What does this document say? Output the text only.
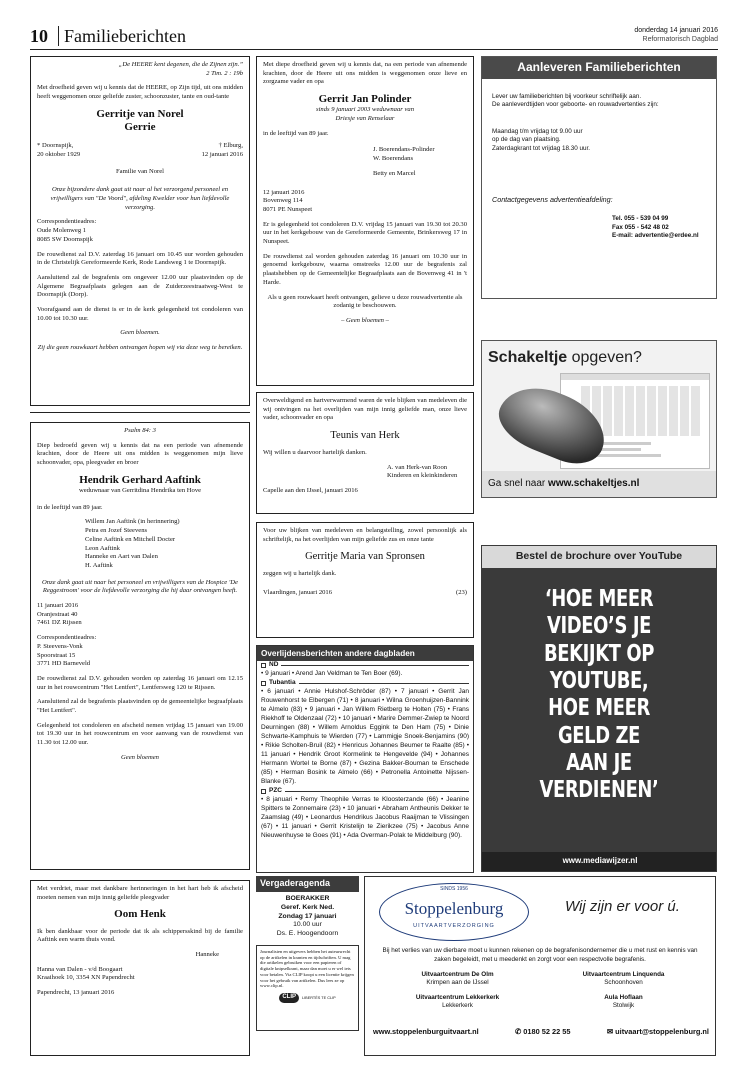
10 Familieberichten	donderdag 14 januari 2016
Reformatorisch Dagblad
„De HEERE kent degenen, die de Zijnen zijn.”
2 Tim. 2 : 19b

Met droefheid geven wij u kennis dat de HEERE, op Zijn tijd, uit ons midden heeft weggenomen onze geliefde zuster, schoonzuster, tante en oud-tante

Gerritje van Norel
Gerrie
* Doornspijk,
20 oktober 1929
† Elburg,
12 januari 2016

Familie van Norel

Onze bijzondere dank gaat uit naar al het verzorgend personeel en vrijwilligers van "De Voord", afdeling Kwelder voor hun liefdevolle verzorging.

Correspondentieadres:
Oude Molenweg 1

8085 SW Doornspijk

De rouwdienst zal D.V. zaterdag 16 januari om 10.45 uur worden gehouden in de Christelijk Gereformeerde Kerk, Rode Landsweg 1 te Doornspijk.

Aansluitend zal de begrafenis om ongeveer 12.00 uur plaatsvinden op de Algemene Begraafplaats gelegen aan de Zuiderzeestraatweg-West te Doornspijk (Dorp).

Voorafgaand aan de dienst is er in de kerk gelegenheid tot condoleren van 10.00 tot 10.30 uur.

Geen bloemen.

Zij die geen rouwkaart hebben ontvangen hopen wij via deze weg te bereiken.

Met diepe droefheid geven wij u kennis dat, na een periode van afnemende krachten, door de Heere uit ons midden is weggenomen onze lieve en zorgzame vader en opa

Gerrit Jan Polinder
sinds 9 januari 2003 weduwnaar van
Driesje van Renselaar

in de leeftijd van 89 jaar.

J. Boerendans-Polinder
W. Boerendans
Betty en Marcel
12 januari 2016
Bovenweg 114

8071 PE Nunspeet

Er is gelegenheid tot condoleren D.V. vrijdag 15 januari van 19.30 tot 20.30 uur in het kerkgebouw van de Gereformeerde Gemeente, Brinkersweg 17 in Nunspeet.

De rouwdienst zal worden gehouden zaterdag 16 januari om 10.30 uur in genoemd kerkgebouw, waarna omstreeks 12.00 uur de begrafenis zal plaatshebben op de Gemeentelijke Begraafplaats aan de Bovenweg 41 in 't Harde.

Als u geen rouwkaart heeft ontvangen, gelieve u deze rouwadvertentie als zodanig te beschouwen.

– Geen bloemen –

Psalm 84: 3

Diep bedroefd geven wij u kennis dat na een periode van afnemende krachten, door de Heere uit ons midden is weggenomen mijn lieve schoonvader, opa, pleegvader en broer

Hendrik Gerhard Aaftink
weduwnaar van Gerritdina Hendrika ten Hove

in de leeftijd van 89 jaar.

Willem Jan Aaftink (in herinnering)
Petra en Jozef Steevens
Celine Aaftink en Mitchell Docter
Leon Aaftink
Hanneke en Aart van Dalen
H. Aaftink

Onze dank gaat uit naar het personeel en vrijwilligers van de Hospice 'De Reggestroom' voor de liefdevolle verzorging die hij daar ontvangen heeft.

11 januari 2016
Oranjestraat 40

7461 DZ Rijssen

Correspondentieadres:
P. Steevens-Vonk
Spoorstraat 15

3771 HD Barneveld

De rouwdienst zal D.V. gehouden worden op zaterdag 16 januari om 12.15 uur in het rouwcentrum "Het Lentfert", Lentfersweg 120 te Rijssen.

Aansluitend zal de begrafenis plaatsvinden op de gemeentelijke begraafplaats "Het Lentfert".

Gelegenheid tot condoleren en afscheid nemen vrijdag 15 januari van 19.00 tot 19.30 uur in het rouwcentrum en voor aanvang van de rouwdienst van 11.30 tot 12.00 uur.

Geen bloemen

Overweldigend en hartverwarmend waren de vele blijken van medeleven die wij ontvingen na het overlijden van mijn innig geliefde man, onze lieve vader, schoonvader en opa

Teunis van Herk

Wij willen u daarvoor hartelijk danken.

A. van Herk-van Roon
Kinderen en kleinkinderen
Capelle aan den IJssel, januari 2016

Voor uw blijken van medeleven en belangstelling, zowel persoonlijk als schriftelijk, na het overlijden van mijn geliefde zus en onze tante

Gerritje Maria van Spronsen

zeggen wij u hartelijk dank.

Vlaardingen, januari 2016	(23)
Overlijdensberichten andere dagbladen
ND
• 9 januari • Arend Jan Veldman te Ten Boer (69).
Tubantia
• 6 januari • Annie Hulshof-Schröder (87) • 7 januari • Gerrit Jan Rouwenhorst te Elbergen (71) • 8 januari • Wilna Groenhuijzen-Bannink te Almelo (83) • 9 januari • Jan Willem Rietberg te Holten (75) • Frans Riekhoff te Oldenzaal (72) • 10 januari • Marire Demmer-Zwiep te Noord Deurningen (88) • Willem Arnoldus Eggink te Den Ham (75) • Dinie Schwarte-Kamphuis te Wierden (77) • Lammigje Snoek-Benjamins (90) • Rikie Scholten-Bruil (82) • Henricus Johannes Beumer te Raalte (85) • 11 januari • Hendrik Groot Kormelink te Hengevelde (94) • Johannes Hermann Wortel te Borne (87) • Gezina Bakker-Bouman te Enschede (85) • Herman Bosink te Almelo (66) • Petronella Antoinette Nijssen-Blanke (67).
PZC
• 8 januari • Remy Theophile Verras te Kloosterzande (66) • Jeanine Spitters te Zonnemaire (23) • 10 januari • Abraham Antheunis Dekker te Zaamslag (49) • Leonardus Hendrikus Jacobus Raaijman te Vlissingen (67) • 11 januari • Gerrit Kristelijn te Zierikzee (75) • Jacobus Anne Nieuwenhuyse te Goes (91) • Ada Overman-Polak te Middelburg (90).

Met verdriet, maar met dankbare herinneringen in het hart heb ik afscheid moeten nemen van mijn innig geliefde pleegvader

Oom Henk

Ik ben dankbaar voor de periode dat ik als schippersskind bij de familie Aaftink een warm thuis vond.

Hanneke

Hanna van Dalen - v/d Boogaart

Kraaihoek 10, 3354 XN Papendrecht

Papendrecht, 13 januari 2016
Vergaderagenda
BOERAKKER
Geref. Kerk Ned.
Zondag 17 januari
10.00 uur
Ds. E. Hoogendoorn
Journalisten en uitgevers hebben het auteursrecht op de artikelen in kranten en tijdschriften. U mag die artikelen gebruiken voor een papieren of digitale knipselkrant, maar dan moet u er wel iets voor betalen. Via CLIP koopt u een licentie krijgen voor het gebruik van artikelen. Dus lees ze op www.clip.nl.
CLIP	LIBERTÉS TE CLIP
SINDS 1956
Stoppelenburg
UITVAARTVERZORGING
Wij zijn er voor ú.
Bij het verlies van uw dierbare moet u kunnen rekenen op de begrafenisondernemer die u met rust en kennis van zaken begeleidt, met u meedenkt en zorgt voor een respectvolle begrafenis.
Uitvaartcentrum De Olm
Krimpen aan de IJssel
Uitvaartcentrum Lekkerkerk
Lekkerkerk
Uitvaartcentrum Linquenda
Schoonhoven
Aula Hoflaan
Stolwijk
www.stoppelenburguitvaart.nl	✆ 0180 52 22 55	✉ uitvaart@stoppelenburg.nl
Aanleveren Familieberichten
Lever uw familieberichten bij voorkeur schriftelijk aan.
De aanleverdtijden voor geboorte- en rouwadvertenties zijn:
Maandag t/m vrijdag tot 9.00 uur
op de dag van plaatsing.
Zaterdagkrant tot vrijdag 18.30 uur.
Contactgegevens advertentieafdeling:
Tel. 055 - 539 04 99
Fax 055 - 542 48 02
E-mail: advertentie@erdee.nl
Schakeltje opgeven?
Ga snel naar www.schakeltjes.nl
Bestel de brochure over YouTube
‘HOE MEER
VIDEO’S JE
BEKIJKT OP
YOUTUBE,
HOE MEER
GELD ZE
AAN JE
VERDIENEN’
www.mediawijzer.nl
